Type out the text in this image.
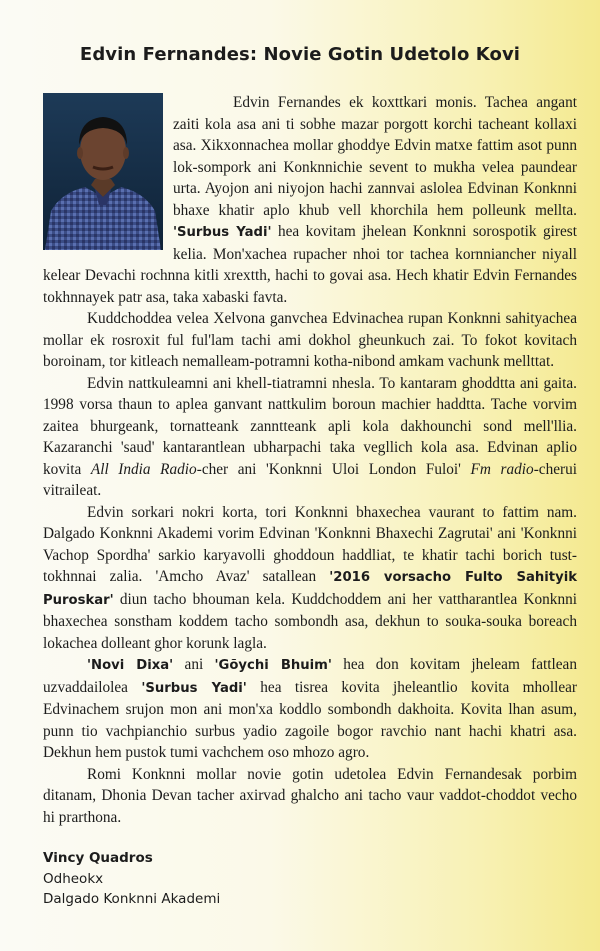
Edvin Fernandes: Novie Gotin Udetolo Kovi

Edvin Fernandes ek koxttkari monis. Tachea angant zaiti kola asa ani ti sobhe mazar porgott korchi tacheant kollaxi asa. Xikxonnachea mollar ghoddye Edvin matxe fattim asot punn lok-sompork ani Konknnichie sevent to mukha velea paundear urta. Ayojon ani niyojon hachi zannvai aslolea Edvinan Konknni bhaxe khatir aplo khub vell khorchila hem polleunk mellta. 'Surbus Yadi' hea kovitam jhelean Konknni sorospotik girest kelia. Mon'xachea rupacher nhoi tor tachea kornniancher niyall kelear Devachi rochnna kitli xrextth, hachi to govai asa. Hech khatir Edvin Fernandes tokhnnayek patr asa, taka xabaski favta.

Kuddchoddea velea Xelvona ganvchea Edvinachea rupan Konknni sahityachea mollar ek rosroxit ful ful'lam tachi ami dokhol gheunkuch zai. To fokot kovitach boroinam, tor kitleach nemalleam-potramni kotha-nibond amkam vachunk mellttat.

Edvin nattkuleamni ani khell-tiatramni nhesla. To kantaram ghoddtta ani gaita. 1998 vorsa thaun to aplea ganvant nattkulim boroun machier haddtta. Tache vorvim zaitea bhurgeank, tornatteank zanntteank apli kola dakhounchi sond mell'llia. Kazaranchi 'saud' kantarantlean ubharpachi taka vegllich kola asa. Edvinan aplio kovita All India Radio-cher ani 'Konknni Uloi London Fuloi' Fm radio-cherui vitraileat.

Edvin sorkari nokri korta, tori Konknni bhaxechea vaurant to fattim nam. Dalgado Konknni Akademi vorim Edvinan 'Konknni Bhaxechi Zagrutai' ani 'Konknni Vachop Spordha' sarkio karyavolli ghoddoun haddliat, te khatir tachi borich tust-tokhnnai zalia. 'Amcho Avaz' satallean '2016 vorsacho Fulto Sahityik Puroskar' diun tacho bhouman kela. Kuddchoddem ani her vattharantlea Konknni bhaxechea sonstham koddem tacho sombondh asa, dekhun to souka-souka boreach lokachea dolleant ghor korunk lagla.

'Novi Dixa' ani 'Gõychi Bhuim' hea don kovitam jheleam fattlean uzvaddailolea 'Surbus Yadi' hea tisrea kovita jheleantlio kovita mhollear Edvinachem srujon mon ani mon'xa koddlo sombondh dakhoita. Kovita lhan asum, punn tio vachpianchio surbus yadio zagoile bogor ravchio nant hachi khatri asa. Dekhun hem pustok tumi vachchem oso mhozo agro.

Romi Konknni mollar novie gotin udetolea Edvin Fernandesak porbim ditanam, Dhonia Devan tacher axirvad ghalcho ani tacho vaur vaddot-choddot vecho hi prarthona.

Vincy Quadros
Odheokx
Dalgado Konknni Akademi
